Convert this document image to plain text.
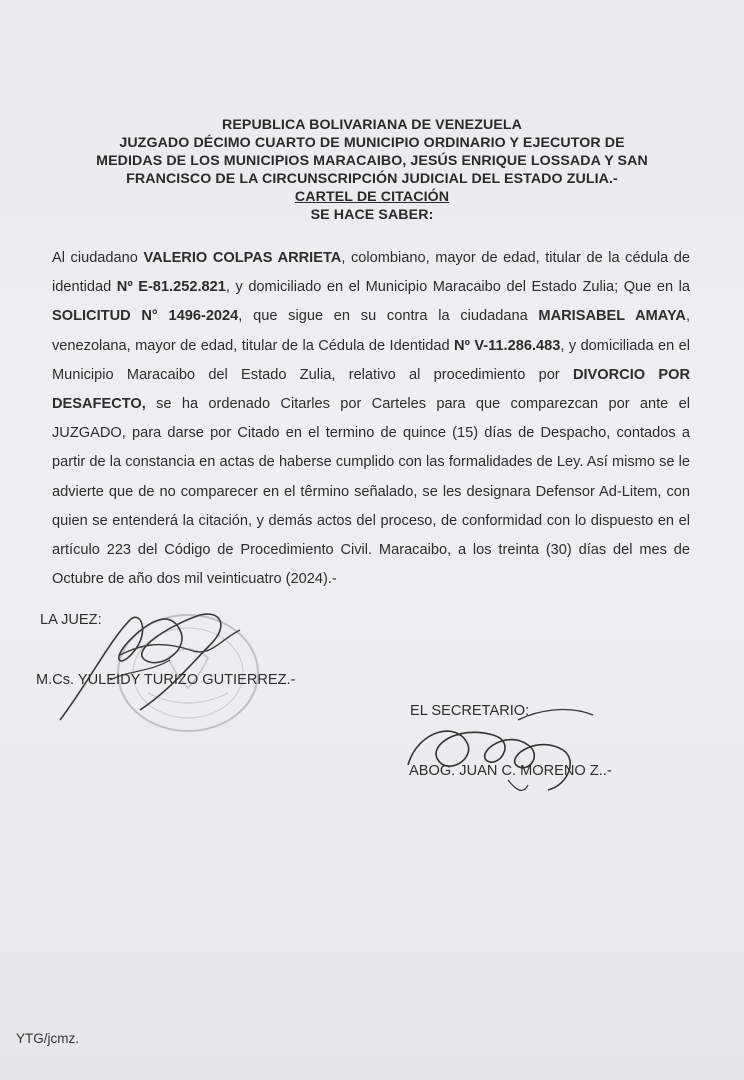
REPUBLICA BOLIVARIANA DE VENEZUELA
JUZGADO DÉCIMO CUARTO DE MUNICIPIO ORDINARIO Y EJECUTOR DE
MEDIDAS DE LOS MUNICIPIOS MARACAIBO, JESÚS ENRIQUE LOSSADA Y SAN
FRANCISCO DE LA CIRCUNSCRIPCIÓN JUDICIAL DEL ESTADO ZULIA.-
CARTEL DE CITACIÓN
SE HACE SABER:
Al ciudadano VALERIO COLPAS ARRIETA, colombiano, mayor de edad, titular de la cédula de identidad Nº E-81.252.821, y domiciliado en el Municipio Maracaibo del Estado Zulia; Que en la SOLICITUD N° 1496-2024, que sigue en su contra la ciudadana MARISABEL AMAYA, venezolana, mayor de edad, titular de la Cédula de Identidad Nº V-11.286.483, y domiciliada en el Municipio Maracaibo del Estado Zulia, relativo al procedimiento por DIVORCIO POR DESAFECTO, se ha ordenado Citarles por Carteles para que comparezcan por ante el JUZGADO, para darse por Citado en el termino de quince (15) días de Despacho, contados a partir de la constancia en actas de haberse cumplido con las formalidades de Ley. Así mismo se le advierte que de no comparecer en el têrmino señalado, se les designara Defensor Ad-Litem, con quien se entenderá la citación, y demás actos del proceso, de conformidad con lo dispuesto en el artículo 223 del Código de Procedimiento Civil. Maracaibo, a los treinta (30) días del mes de Octubre de año dos mil veinticuatro (2024).-
LA JUEZ:
M.Cs. YULEIDY TURIZO GUTIERREZ.-
EL SECRETARIO:
ABOG. JUAN C. MORENO Z..-
YTG/jcmz.
